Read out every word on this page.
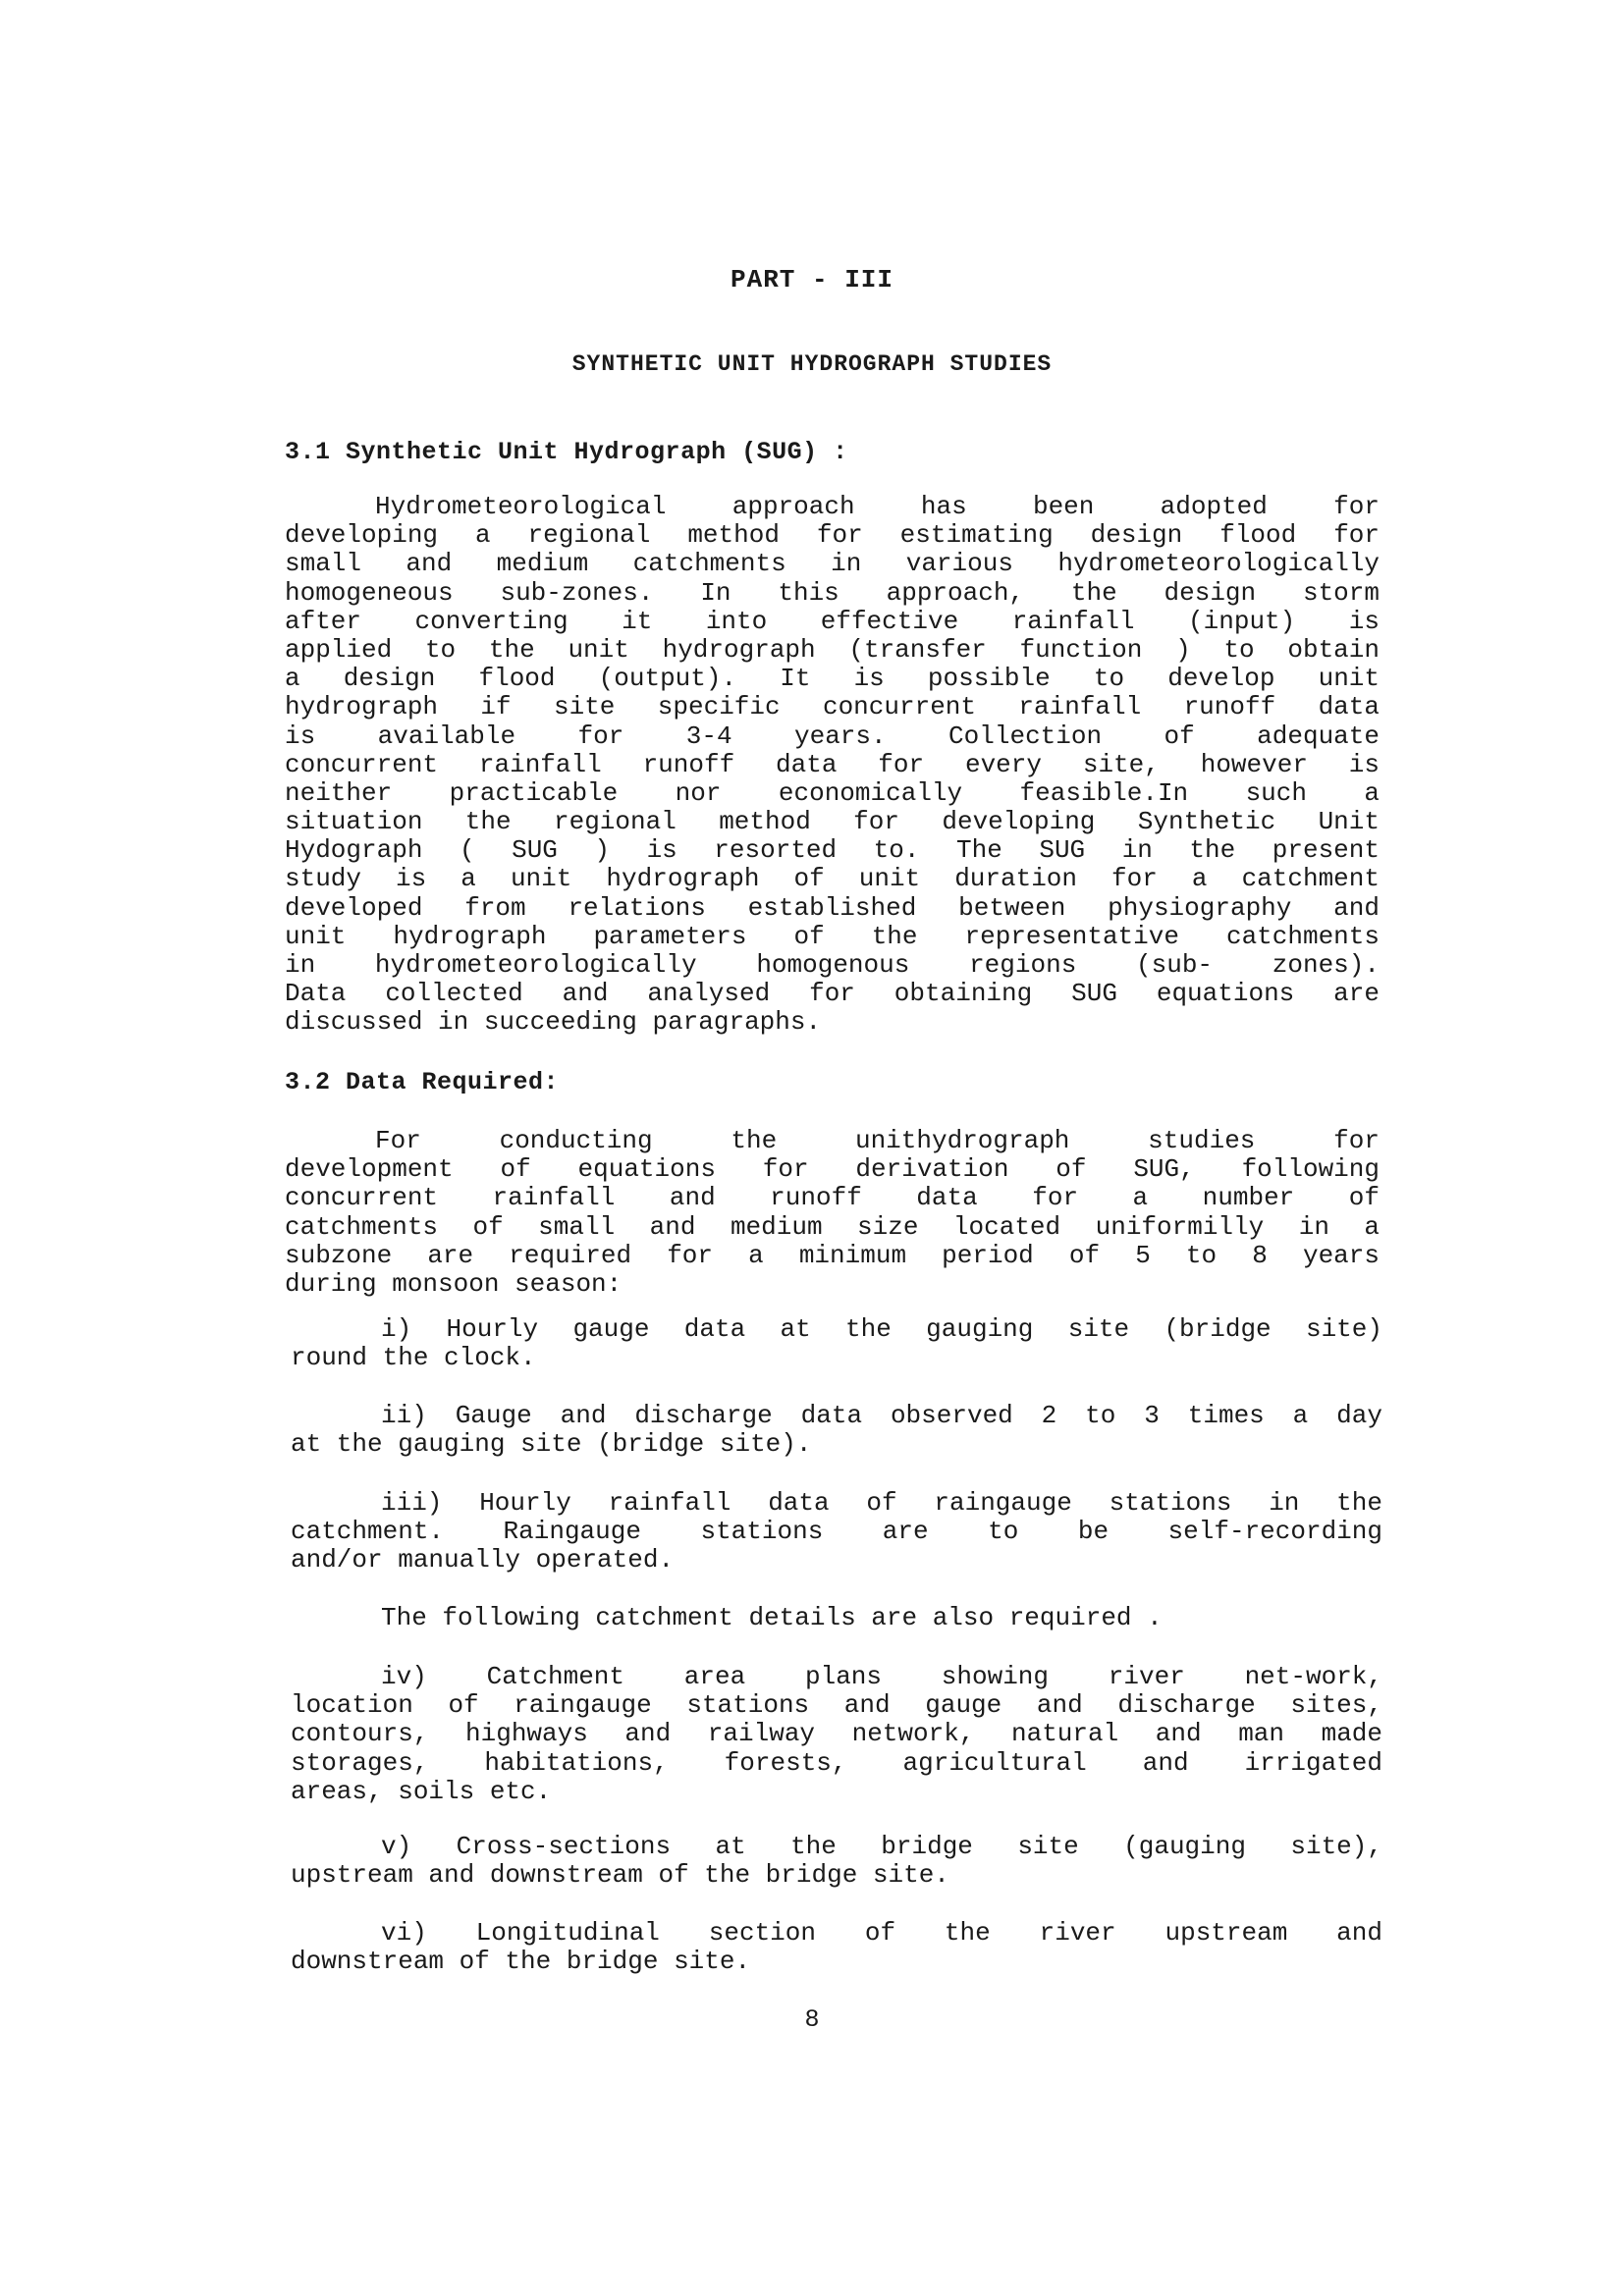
PART - III
SYNTHETIC UNIT HYDROGRAPH STUDIES
3.1 Synthetic Unit Hydrograph (SUG) :
Hydrometeorological approach has been adopted for
developing a regional method for estimating design flood for
small and medium catchments in various hydrometeorologically
homogeneous sub-zones. In this approach, the design storm
after converting it into effective rainfall (input) is
applied to the unit hydrograph (transfer function ) to obtain
a design flood (output). It is possible to develop unit
hydrograph if site specific concurrent rainfall runoff data
is available for 3-4 years. Collection of adequate
concurrent rainfall runoff data for every site, however is
neither practicable nor economically feasible.In such a
situation the regional method for developing Synthetic Unit
Hydograph ( SUG ) is resorted to. The SUG in the present
study is a unit hydrograph of unit duration for a catchment
developed from relations established between physiography and
unit hydrograph parameters of the representative catchments
in hydrometeorologically homogenous regions (sub- zones).
Data collected and analysed for obtaining SUG equations are
discussed in succeeding paragraphs.
3.2 Data Required:
For conducting the unithydrograph studies for
development of equations for derivation of SUG, following
concurrent rainfall and runoff data for a number of
catchments of small and medium size located uniformilly in a
subzone are required for a minimum period of 5 to 8 years
during monsoon season:
i) Hourly gauge data at the gauging site (bridge site)
round the clock.
ii) Gauge and discharge data observed 2 to 3 times a day
at the gauging site (bridge site).
iii) Hourly rainfall data of raingauge stations in the
catchment. Raingauge stations are to be self-recording
and/or manually operated.
The following catchment details are also required .
iv) Catchment area plans showing river net-work,
location of raingauge stations and gauge and discharge sites,
contours, highways and railway network, natural and man made
storages, habitations, forests, agricultural and irrigated
areas, soils etc.
v) Cross-sections at the bridge site (gauging site),
upstream and downstream of the bridge site.
vi) Longitudinal section of the river upstream and
downstream of the bridge site.
8
